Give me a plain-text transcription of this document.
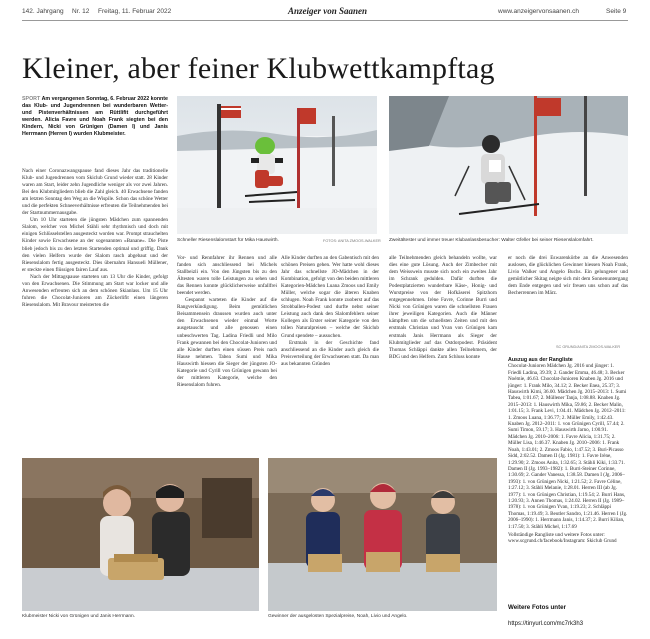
142. Jahrgang Nr. 12 Freitag, 11. Februar 2022	Anzeiger von Saanen	www.anzeigervonsaanen.ch	Seite 9
Kleiner, aber feiner Klubwettkampftag
Schneller Riesenslalomstart für Mika Hauswirth.	FOTOS: ANITA ZMOOS-WALKER Zweitältester und immer treuer Klubanlassbesucher: Walter Gfeller bei seiner Riesenslalomfahrt.
SPORT Am vergangenen Sonntag, 6. Februar 2022 konnte das Klub- und Jugendrennen bei wunderbaren Wetter- und Pistenverhältnissen am Rüttlifit durchgeführt werden. Alicia Favre und Noah Frank siegten bei den Kindern, Nicki von Grünigen (Damen I) und Janis Herrmann (Herren I) wurden Klubmeister.

Nach einer Coronazwangspause fand dieses Jahr das traditionelle Klub- und Jugendrennen vom Skiclub Grund wieder statt. 28 Kinder waren am Start, leider zehn Jugendliche weniger als vor zwei Jahren. Bei den Klubmitgliedern blieb die Zahl gleich. 40 Erwachsene fanden am letzten Sonntag den Weg an die Wispile. Schon das schöne Wetter und die perfekten Schneeverhältnisse erfreuten die Teilnehmenden bei der Startnummernausgabe.

Um 10 Uhr starteten die jüngsten Mädchen zum spannenden Slalom, welcher von Michel Stähli sehr rhythmisch und doch mit einigen Schlüsselstellen ausgesteckt worden war. Prompt strauchelten Kinder sowie Erwachsene an der sogenannten «Banane». Die Piste blieb jedoch bis zu den letzten Startenden optimal und griffig. Dank den vielen Helfern wurde der Slalom rasch abgebaut und der Riesenslalom fertig ausgesteckt. Dies übernahm Hansueli Müllener, er steckte einen flüssigen fairen Lauf aus.

Nach der Mittagspause starteten um 13 Uhr die Kinder, gefolgt von den Erwachsenen. Die Stimmung am Start war locker und alle Anwesenden erfreuten sich an dem schönen Skianlass. Um 15 Uhr fuhren die Chocolat-Junioren am Zückerlifit einen längeren Riesenslalom. Mit Bravour meisterten die

Vor- und Rennfahrer ihr Rennen und alle fanden sich anschliessend bei Michels Stallbeizli ein. Von den Jüngsten bis zu den Ältesten waren tolle Leistungen zu sehen und das Rennen konnte glücklicherweise unfallfrei beendet werden.

Gespannt warteten die Kinder auf die Rangverkündigung. Beim gemütlichen Beisammensein draussen wurden auch unter den Erwachsenen wieder einmal Worte ausgetauscht und alle genossen einen unbeschwerten Tag. Ladina Friedli und Milo Frank gewannen bei den Chocolat-Junioren und alle Kinder durften einen süssen Preis nach Hause nehmen. Tabea Sumi und Mika Hauswirth hiessen die Sieger der jüngsten JO-Kategorie und Cyrill von Grünigen gewann bei der mittleren Kategorie, welche den Riesenslalom fuhren.

Alle Kinder durften an den Gabentisch mit den schönen Preisen gehen. Wer hatte wohl dieses Jahr das schnellste JO-Mädchen in der Kombination, gefolgt von den beiden mittleren Kategorien-Mädchen Luana Zmoos und Emily Müller, welche sogar die älteren Knaben schlugen. Noah Frank konnte zuoberst auf das Strobballen-Podest und durfte nebst seiner Leistung auch dank den Slalomfehlern seiner Kollegen als Erster seiner Kategorie von den tollen Naturalpreisen – welche der Skiclub Grund spendete – aussuchen.

Erstmals in der Geschichte fand anschliessend an die Kinder auch gleich die Preisverteilung der Erwachsenen statt. Da man aus bekannten Gründen

alle Teilnehmenden gleich behandeln wollte, war dies eine gute Lösung. Auch der Zimbecher mit dem Weisswein musste sich noch ein zweites Jahr im Schrank gedulden. Dafür durften die Podestplatzierten wunderbare Käse-, Honig- und Wurstpreise von der Hofkäserei Spitzhorn entgegennehmen. Irène Favre, Corinne Burri und Nicki von Grünigen waren die schnellsten Frauen ihrer jeweiligen Kategorien. Auch die Männer kämpften um die schnellsten Zeiten und mit den erstmals Christian und Yvan von Grünigen kam erstmals Janis Herrmann als Sieger der Klubmitglieder auf das Ostdorpodest. Präsident Thomas Schläppi dankte allen Teilnehmern, der BDG und den Helfern. Zum Schluss konnte

er noch die drei Eswarenkörbe an die Anwesenden auslosen, die glücklichen Gewinner hiessen Noah Frank, Livio Walker und Angelo Buchs. Ein gelungener und gemütlicher Skitag neigte sich mit dem Sonnenuntergang dem Ende entgegen und wir freuen uns schon auf das Becherrennen im März.

SC GRUND/ANITA ZMOOS-WALKER
Auszug aus der Rangliste
Chocolat-Junioren Mädchen Jg. 2016 und jünger: 1. Friedli Ladina, 39.39; 2. Gander Emma, 46.48; 3. Becker Noémie, 46.63. Chocolat-Junioren Knaben Jg. 2016 und jünger: 1. Frank Milo, 34.12; 2. Becker Enea, 25.37; 3. Hauswirth Kimi, 36.00. Mädchen Jg. 2015–2013: 1. Sumi Tabea, 1:01.67; 2. Müllener Tanja, 1:08.88. Knaben Jg. 2015–2013: 1. Hauswirth Mika, 59.86; 2. Becker Malin, 1:01.15; 3. Frank Levi, 1:04.41. Mädchen Jg. 2012–2011: 1. Zmoos Luana, 1:36.77; 2. Müller Emily, 1:42.43. Knaben Jg. 2012–2011: 1. von Grünigen Cyrill, 57.44; 2. Sumi Timon, 59.17; 3. Hauswirth Jarno, 1:00.91. Mädchen Jg. 2010–2006: 1. Favre Alicia, 1:31.75; 2. Müller Lisa, 1:46.37. Knaben Jg. 2010–2006: 1. Frank Noah, 1:43.01; 2. Zmoos Fabio, 1:47.52; 3. Buri-Picasso Sidd, 2:02.52. Damen II (Jg. 1981): 1. Favre Irène, 1:29.90; 2. Zmoos Anita, 1:32.65; 3. Stähli Kiki, 1:33.71. Damen II (Jg. 1993–1982): 1. Burri-Steiner Corinne, 1:30.69; 2. Gander Vanessa, 1:38.58. Damen I (Jg. 2006–1993): 1. von Grünigen Nicki, 1:21.52; 2. Favre Céline, 1:27.12; 3. Stähli Melanie, 1:28.01. Herren III (ab Jg. 1977): 1. von Grünigen Christian, 1:19.54; 2. Burri Hans, 1:20.93; 3. Annen Thomas, 1:24.02. Herren II (Jg. 1989–1978): 1. von Grünigen Yvan, 1:19.23; 2. Schläppi Thomas, 1:19.49; 3. Beutler Sandro, 1:21.46. Herren I (Jg. 2006–1990): 1. Herrmann Janis, 1:14.37; 2. Burri Kilian, 1:17.50; 3. Stähli Michel, 1:17.69
Vollständige Rangliste und weitere Fotos unter: www.scgrund.ch/facebook/Instagram: Skiclub Grund
Weitere Fotos unter
https://tinyurl.com/mc7rk3h3
Klubmeister Nicki von Grünigen und Janis Herrmann.	Gewinner der ausgelosten Spezialpreise, Noah, Livio und Angelo.
